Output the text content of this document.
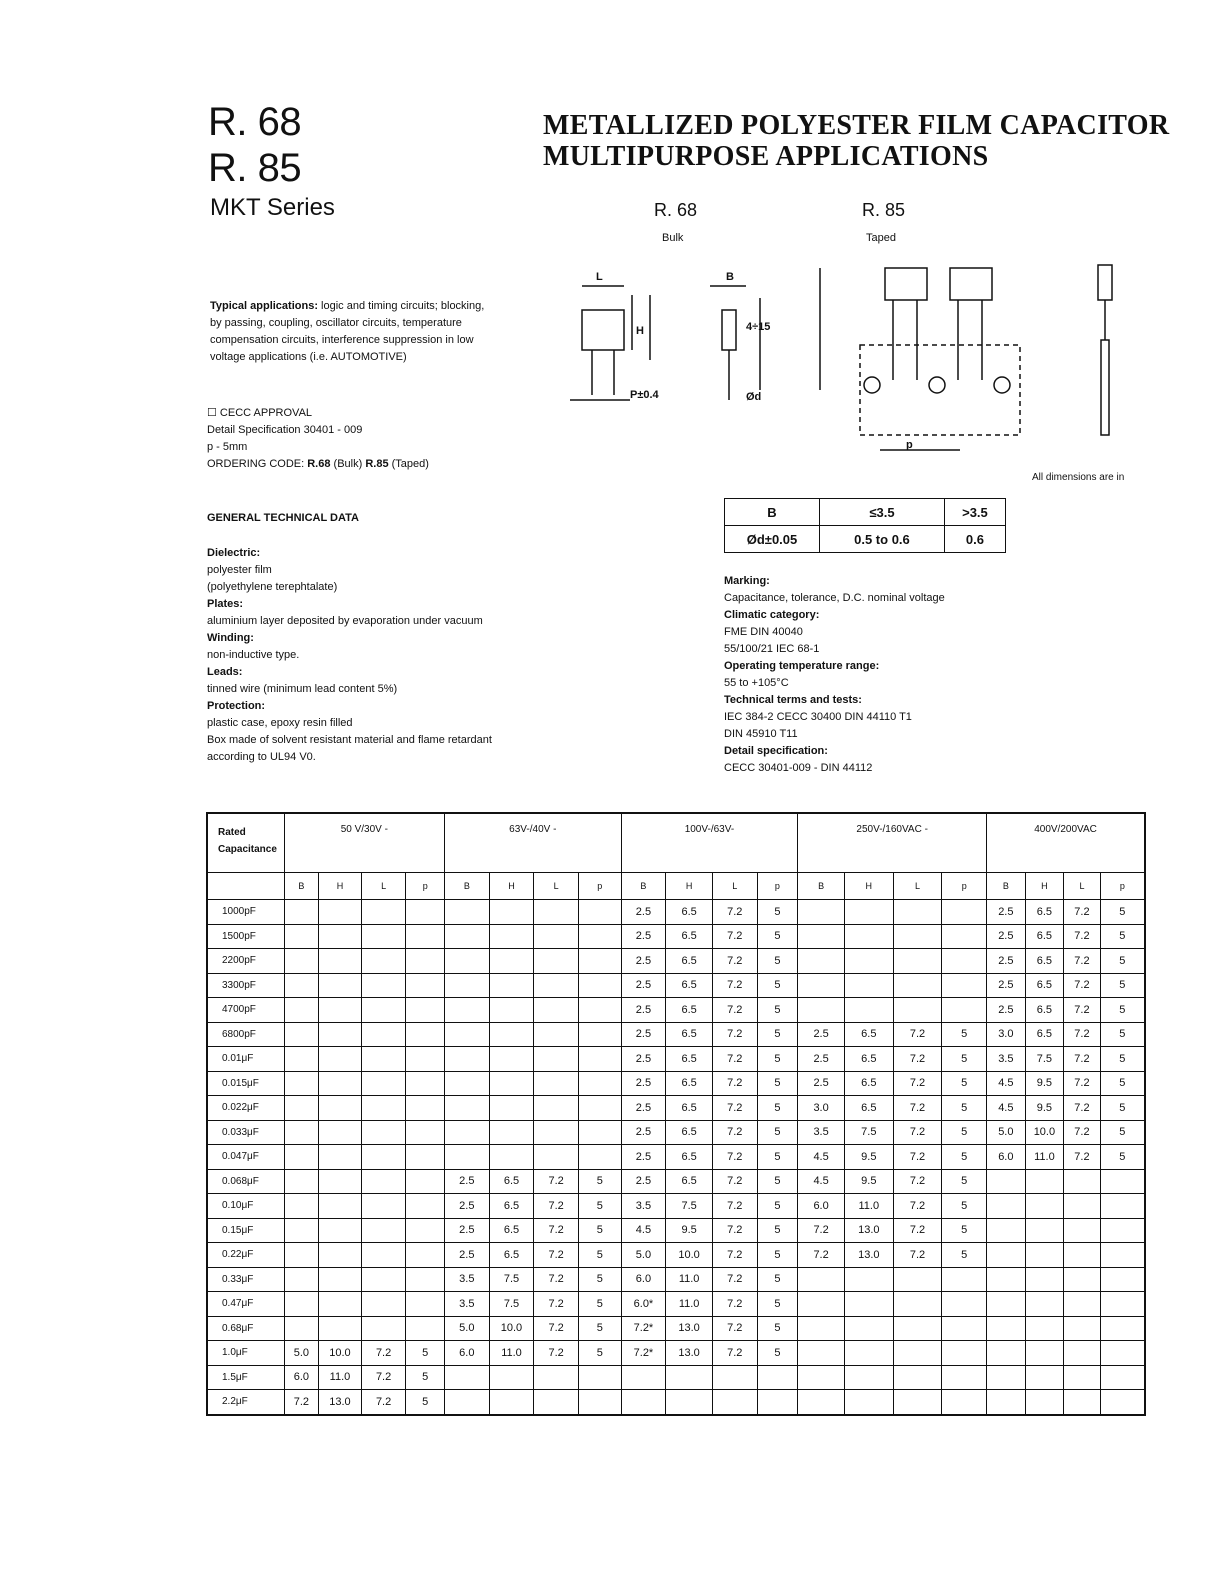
R. 68
R. 85
MKT Series
METALLIZED POLYESTER FILM CAPACITOR
MULTIPURPOSE APPLICATIONS
R. 68
Bulk
R. 85
Taped
L
H
P±0.4
B
4÷15
Ød
p
All dimensions are in
Typical applications: logic and timing circuits; blocking,
by passing, coupling, oscillator circuits, temperature
compensation circuits, interference suppression in low
voltage applications (i.e. AUTOMOTIVE)
☐ CECC APPROVAL
Detail Specification 30401 - 009
p - 5mm
ORDERING CODE: R.68 (Bulk) R.85 (Taped)
GENERAL TECHNICAL DATA
Dielectric:
polyester film
(polyethylene terephtalate)
Plates:
aluminium layer deposited by evaporation under vacuum
Winding:
non-inductive type.
Leads:
tinned wire (minimum lead content 5%)
Protection:
plastic case, epoxy resin filled
Box made of solvent resistant material and flame retardant
according to UL94 V0.
B	≤3.5	>3.5
Ød±0.05	0.5 to 0.6	0.6
Marking:
Capacitance, tolerance, D.C. nominal voltage
Climatic category:
FME DIN 40040
55/100/21 IEC 68-1
Operating temperature range:
55 to +105°C
Technical terms and tests:
IEC 384-2 CECC 30400 DIN 44110 T1
DIN 45910 T11
Detail specification:
CECC 30401-009 - DIN 44112
Rated
Capacitance	50 V/30V -				63V-/40V -				100V-/63V-				250V-/160VAC -				400V/200VAC			
	B	H	L	p	B	H	L	p	B	H	L	p	B	H	L	p	B	H	L	p
1000pF									2.5	6.5	7.2	5					2.5	6.5	7.2	5
1500pF									2.5	6.5	7.2	5					2.5	6.5	7.2	5
2200pF									2.5	6.5	7.2	5					2.5	6.5	7.2	5
3300pF									2.5	6.5	7.2	5					2.5	6.5	7.2	5
4700pF									2.5	6.5	7.2	5					2.5	6.5	7.2	5
6800pF									2.5	6.5	7.2	5	2.5	6.5	7.2	5	3.0	6.5	7.2	5
0.01μF									2.5	6.5	7.2	5	2.5	6.5	7.2	5	3.5	7.5	7.2	5
0.015μF									2.5	6.5	7.2	5	2.5	6.5	7.2	5	4.5	9.5	7.2	5
0.022μF									2.5	6.5	7.2	5	3.0	6.5	7.2	5	4.5	9.5	7.2	5
0.033μF									2.5	6.5	7.2	5	3.5	7.5	7.2	5	5.0	10.0	7.2	5
0.047μF									2.5	6.5	7.2	5	4.5	9.5	7.2	5	6.0	11.0	7.2	5
0.068μF					2.5	6.5	7.2	5	2.5	6.5	7.2	5	4.5	9.5	7.2	5				
0.10μF					2.5	6.5	7.2	5	3.5	7.5	7.2	5	6.0	11.0	7.2	5				
0.15μF					2.5	6.5	7.2	5	4.5	9.5	7.2	5	7.2	13.0	7.2	5				
0.22μF					2.5	6.5	7.2	5	5.0	10.0	7.2	5	7.2	13.0	7.2	5				
0.33μF					3.5	7.5	7.2	5	6.0	11.0	7.2	5								
0.47μF					3.5	7.5	7.2	5	6.0*	11.0	7.2	5								
0.68μF					5.0	10.0	7.2	5	7.2*	13.0	7.2	5								
1.0μF	5.0	10.0	7.2	5	6.0	11.0	7.2	5	7.2*	13.0	7.2	5								
1.5μF	6.0	11.0	7.2	5																
2.2μF	7.2	13.0	7.2	5																
